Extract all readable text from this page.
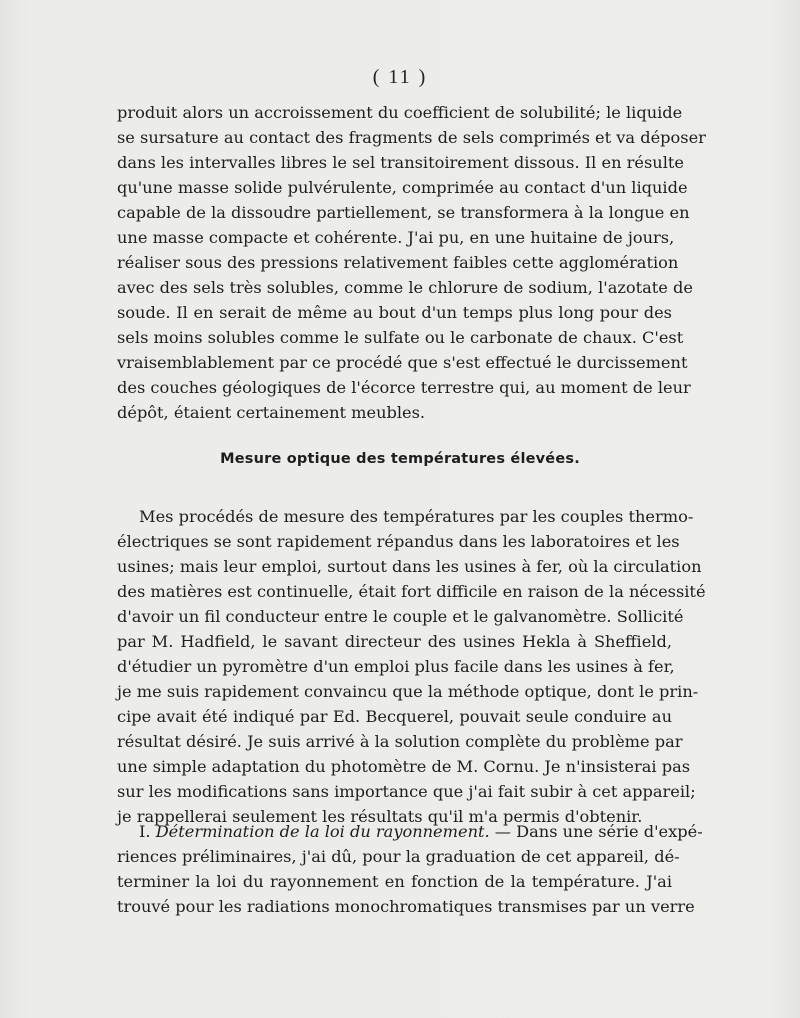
( 11 )
produit alors un accroissement du coefficient de solubilité; le liquide
se sursature au contact des fragments de sels comprimés et va déposer
dans les intervalles libres le sel transitoirement dissous. Il en résulte
qu'une masse solide pulvérulente, comprimée au contact d'un liquide
capable de la dissoudre partiellement, se transformera à la longue en
une masse compacte et cohérente. J'ai pu, en une huitaine de jours,
réaliser sous des pressions relativement faibles cette agglomération
avec des sels très solubles, comme le chlorure de sodium, l'azotate de
soude. Il en serait de même au bout d'un temps plus long pour des
sels moins solubles comme le sulfate ou le carbonate de chaux. C'est
vraisemblablement par ce procédé que s'est effectué le durcissement
des couches géologiques de l'écorce terrestre qui, au moment de leur
dépôt, étaient certainement meubles.
Mesure optique des températures élevées.
Mes procédés de mesure des températures par les couples thermo-
électriques se sont rapidement répandus dans les laboratoires et les
usines; mais leur emploi, surtout dans les usines à fer, où la circulation
des matières est continuelle, était fort difficile en raison de la nécessité
d'avoir un fil conducteur entre le couple et le galvanomètre. Sollicité
par M. Hadfield, le savant directeur des usines Hekla à Sheffield,
d'étudier un pyromètre d'un emploi plus facile dans les usines à fer,
je me suis rapidement convaincu que la méthode optique, dont le prin-
cipe avait été indiqué par Ed. Becquerel, pouvait seule conduire au
résultat désiré. Je suis arrivé à la solution complète du problème par
une simple adaptation du photomètre de M. Cornu. Je n'insisterai pas
sur les modifications sans importance que j'ai fait subir à cet appareil;
je rappellerai seulement les résultats qu'il m'a permis d'obtenir.
I. Détermination de la loi du rayonnement. — Dans une série d'expé-
riences préliminaires, j'ai dû, pour la graduation de cet appareil, dé-
terminer la loi du rayonnement en fonction de la température. J'ai
trouvé pour les radiations monochromatiques transmises par un verre
